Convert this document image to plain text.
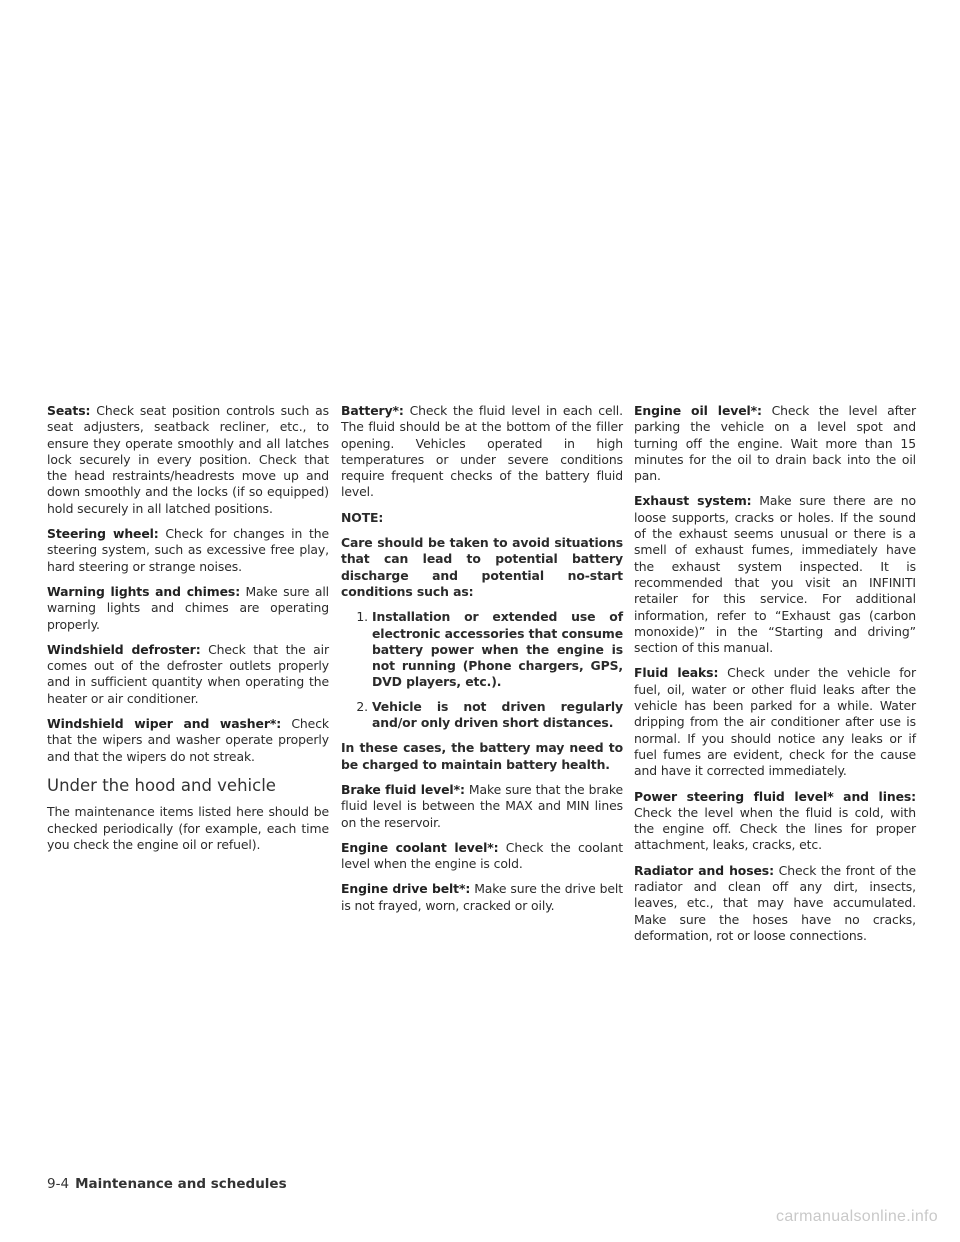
Seats: Check seat position controls such as seat adjusters, seatback recliner, etc., to ensure they operate smoothly and all latches lock securely in every position. Check that the head restraints/headrests move up and down smoothly and the locks (if so equipped) hold securely in all latched positions.

Steering wheel: Check for changes in the steering system, such as excessive free play, hard steering or strange noises.

Warning lights and chimes: Make sure all warning lights and chimes are operating properly.

Windshield defroster: Check that the air comes out of the defroster outlets properly and in sufficient quantity when operating the heater or air conditioner.

Windshield wiper and washer*: Check that the wipers and washer operate properly and that the wipers do not streak.

Under the hood and vehicle

The maintenance items listed here should be checked periodically (for example, each time you check the engine oil or refuel).

Battery*: Check the fluid level in each cell. The fluid should be at the bottom of the filler opening. Vehicles operated in high temperatures or under severe conditions require frequent checks of the battery fluid level.

NOTE:

Care should be taken to avoid situations that can lead to potential battery discharge and potential no-start conditions such as:

1. Installation or extended use of electronic accessories that consume battery power when the engine is not running (Phone chargers, GPS, DVD players, etc.).
2. Vehicle is not driven regularly and/or only driven short distances.

In these cases, the battery may need to be charged to maintain battery health.

Brake fluid level*: Make sure that the brake fluid level is between the MAX and MIN lines on the reservoir.

Engine coolant level*: Check the coolant level when the engine is cold.

Engine drive belt*: Make sure the drive belt is not frayed, worn, cracked or oily.

Engine oil level*: Check the level after parking the vehicle on a level spot and turning off the engine. Wait more than 15 minutes for the oil to drain back into the oil pan.

Exhaust system: Make sure there are no loose supports, cracks or holes. If the sound of the exhaust seems unusual or there is a smell of exhaust fumes, immediately have the exhaust system inspected. It is recommended that you visit an INFINITI retailer for this service. For additional information, refer to “Exhaust gas (carbon monoxide)” in the “Starting and driving” section of this manual.

Fluid leaks: Check under the vehicle for fuel, oil, water or other fluid leaks after the vehicle has been parked for a while. Water dripping from the air conditioner after use is normal. If you should notice any leaks or if fuel fumes are evident, check for the cause and have it corrected immediately.

Power steering fluid level* and lines: Check the level when the fluid is cold, with the engine off. Check the lines for proper attachment, leaks, cracks, etc.

Radiator and hoses: Check the front of the radiator and clean off any dirt, insects, leaves, etc., that may have accumulated. Make sure the hoses have no cracks, deformation, rot or loose connections.

9-4 Maintenance and schedules
carmanualsonline.info
